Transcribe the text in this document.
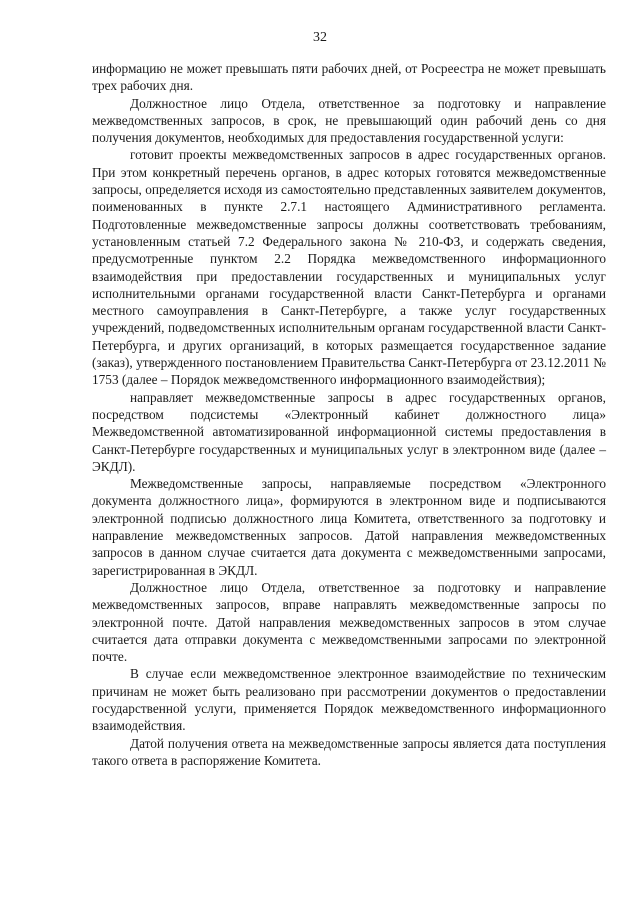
32

информацию не может превышать пяти рабочих дней, от Росреестра не может превышать трех рабочих дня.

Должностное лицо Отдела, ответственное за подготовку и направление межведомственных запросов, в срок, не превышающий один рабочий день со дня получения документов, необходимых для предоставления государственной услуги:

готовит проекты межведомственных запросов в адрес государственных органов. При этом конкретный перечень органов, в адрес которых готовятся межведомственные запросы, определяется исходя из самостоятельно представленных заявителем документов, поименованных в пункте 2.7.1 настоящего Административного регламента. Подготовленные межведомственные запросы должны соответствовать требованиям, установленным статьей 7.2 Федерального закона № 210-ФЗ, и содержать сведения, предусмотренные пунктом 2.2 Порядка межведомственного информационного взаимодействия при предоставлении государственных и муниципальных услуг исполнительными органами государственной власти Санкт-Петербурга и органами местного самоуправления в Санкт-Петербурге, а также услуг государственных учреждений, подведомственных исполнительным органам государственной власти Санкт-Петербурга, и других организаций, в которых размещается государственное задание (заказ), утвержденного постановлением Правительства Санкт-Петербурга от 23.12.2011 № 1753 (далее – Порядок межведомственного информационного взаимодействия);

направляет межведомственные запросы в адрес государственных органов, посредством подсистемы «Электронный кабинет должностного лица» Межведомственной автоматизированной информационной системы предоставления в Санкт-Петербурге государственных и муниципальных услуг в электронном виде (далее – ЭКДЛ).

Межведомственные запросы, направляемые посредством «Электронного документа должностного лица», формируются в электронном виде и подписываются электронной подписью должностного лица Комитета, ответственного за подготовку и направление межведомственных запросов. Датой направления межведомственных запросов в данном случае считается дата документа с межведомственными запросами, зарегистрированная в ЭКДЛ.

Должностное лицо Отдела, ответственное за подготовку и направление межведомственных запросов, вправе направлять межведомственные запросы по электронной почте. Датой направления межведомственных запросов в этом случае считается дата отправки документа с межведомственными запросами по электронной почте.

В случае если межведомственное электронное взаимодействие по техническим причинам не может быть реализовано при рассмотрении документов о предоставлении государственной услуги, применяется Порядок межведомственного информационного взаимодействия.

Датой получения ответа на межведомственные запросы является дата поступления такого ответа в распоряжение Комитета.
